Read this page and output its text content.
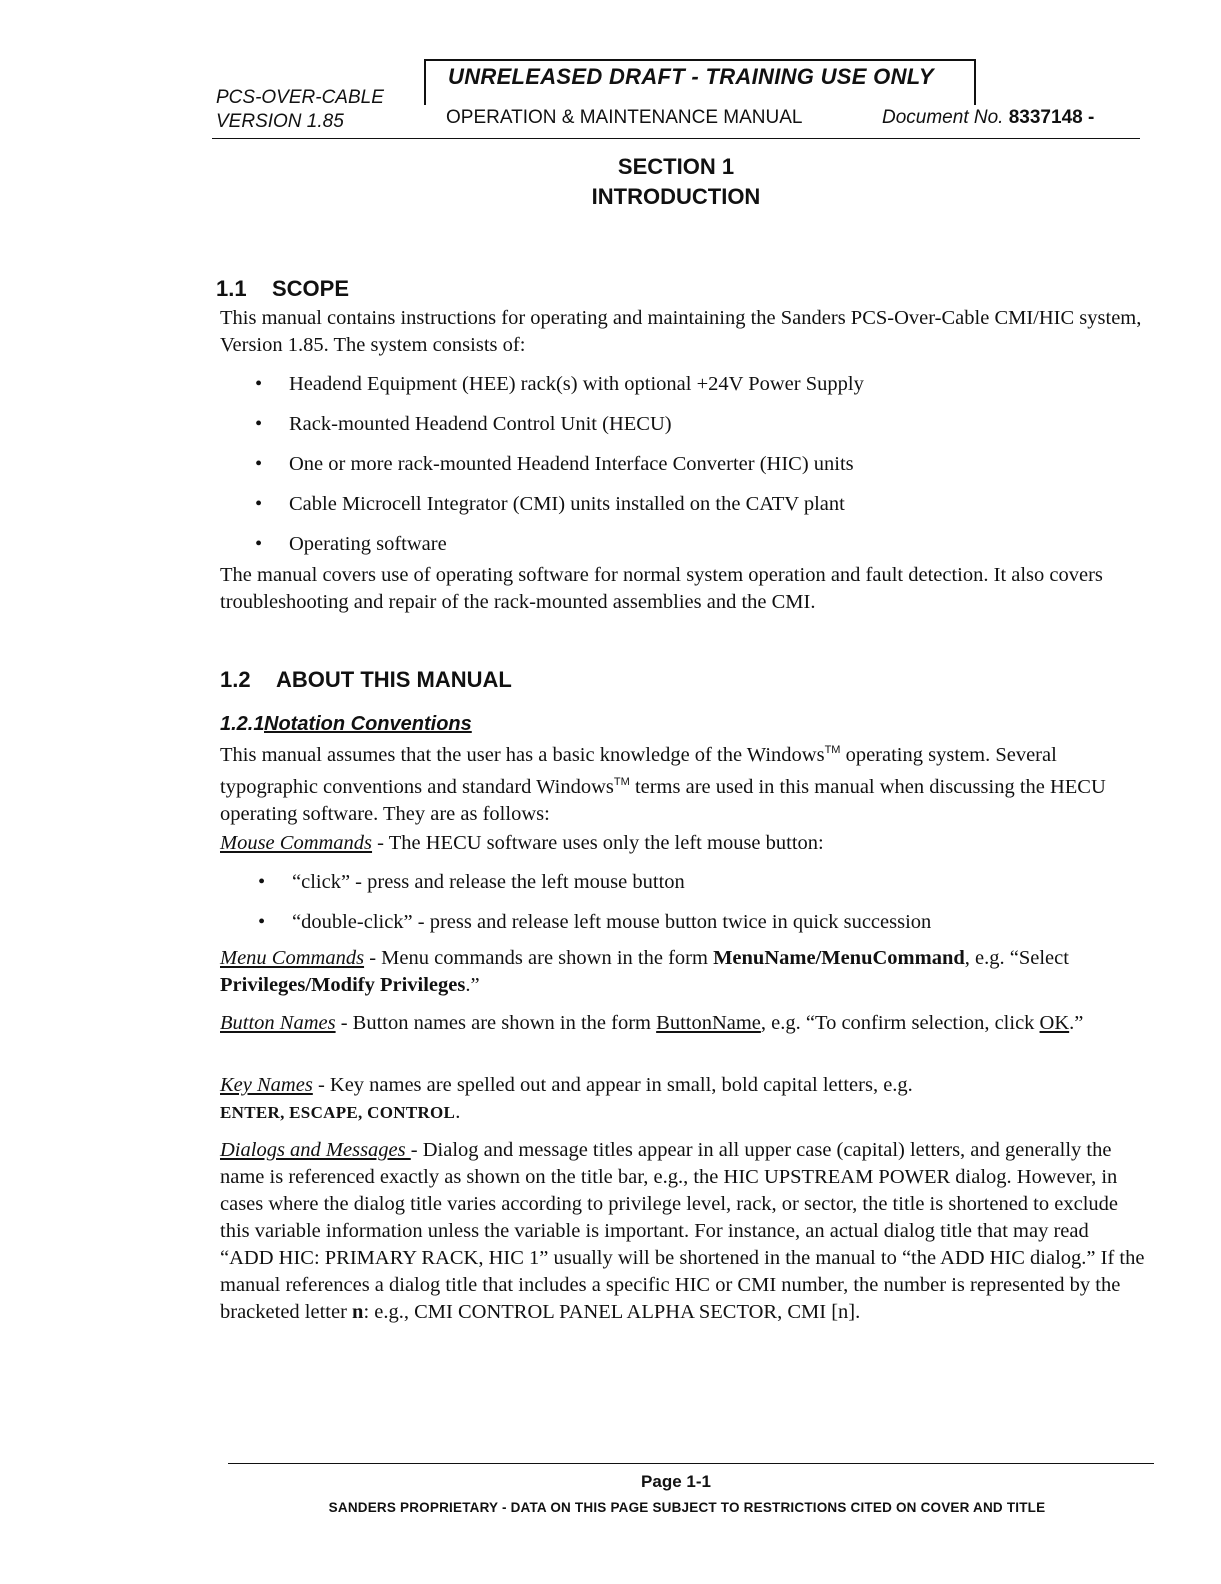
PCS-OVER-CABLE
VERSION 1.85
UNRELEASED DRAFT - TRAINING USE ONLY
OPERATION & MAINTENANCE MANUAL	Document No. 8337148 -
SECTION 1
INTRODUCTION
1.1 SCOPE
This manual contains instructions for operating and maintaining the Sanders PCS-Over-Cable CMI/HIC system, Version 1.85. The system consists of:
• Headend Equipment (HEE) rack(s) with optional +24V Power Supply
• Rack-mounted Headend Control Unit (HECU)
• One or more rack-mounted Headend Interface Converter (HIC) units
• Cable Microcell Integrator (CMI) units installed on the CATV plant
• Operating software
The manual covers use of operating software for normal system operation and fault detection. It also covers troubleshooting and repair of the rack-mounted assemblies and the CMI.
1.2 ABOUT THIS MANUAL
1.2.1Notation Conventions
This manual assumes that the user has a basic knowledge of the Windows™ operating system. Several typographic conventions and standard Windows™ terms are used in this manual when discussing the HECU operating software. They are as follows:
Mouse Commands - The HECU software uses only the left mouse button:
• “click” - press and release the left mouse button
• “double-click” - press and release left mouse button twice in quick succession
Menu Commands - Menu commands are shown in the form MenuName/MenuCommand, e.g. “Select Privileges/Modify Privileges.”
Button Names - Button names are shown in the form ButtonName, e.g. “To confirm selection, click OK.”
Key Names - Key names are spelled out and appear in small, bold capital letters, e.g.
ENTER, ESCAPE, CONTROL.
Dialogs and Messages - Dialog and message titles appear in all upper case (capital) letters, and generally the name is referenced exactly as shown on the title bar, e.g., the HIC UPSTREAM POWER dialog. However, in cases where the dialog title varies according to privilege level, rack, or sector, the title is shortened to exclude this variable information unless the variable is important. For instance, an actual dialog title that may read “ADD HIC: PRIMARY RACK, HIC 1” usually will be shortened in the manual to “the ADD HIC dialog.” If the manual references a dialog title that includes a specific HIC or CMI number, the number is represented by the bracketed letter n: e.g., CMI CONTROL PANEL ALPHA SECTOR, CMI [n].
Page 1-1
SANDERS PROPRIETARY - DATA ON THIS PAGE SUBJECT TO RESTRICTIONS CITED ON COVER AND TITLE
